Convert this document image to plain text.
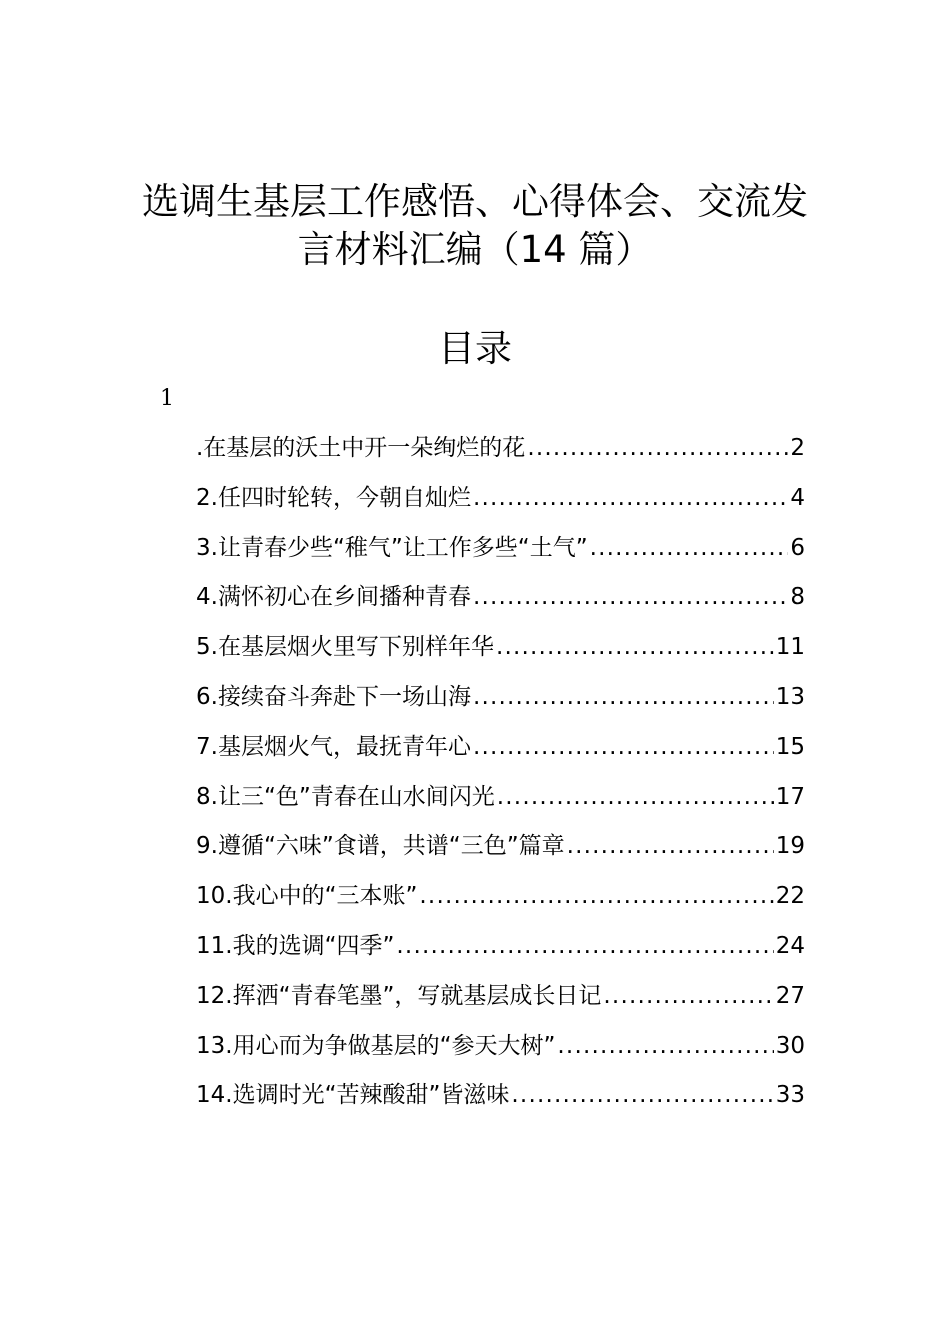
选调生基层工作感悟、心得体会、交流发
言材料汇编（14 篇）
目录
1
.在基层的沃土中开一朵绚烂的花 .....	2
2.任四时轮转，今朝自灿烂 .....	4
3.让青春少些“稚气”让工作多些“土气” .....	6
4.满怀初心在乡间播种青春 .....	8
5.在基层烟火里写下别样年华 .....	11
6.接续奋斗奔赴下一场山海 .....	13
7.基层烟火气，最抚青年心 .....	15
8.让三“色”青春在山水间闪光 .....	17
9.遵循“六味”食谱，共谱“三色”篇章 .....	19
10.我心中的“三本账” .....	22
11.我的选调“四季” .....	24
12.挥洒“青春笔墨”，写就基层成长日记 .....	27
13.用心而为争做基层的“参天大树” .....	30
14.选调时光“苦辣酸甜”皆滋味 .....	33
